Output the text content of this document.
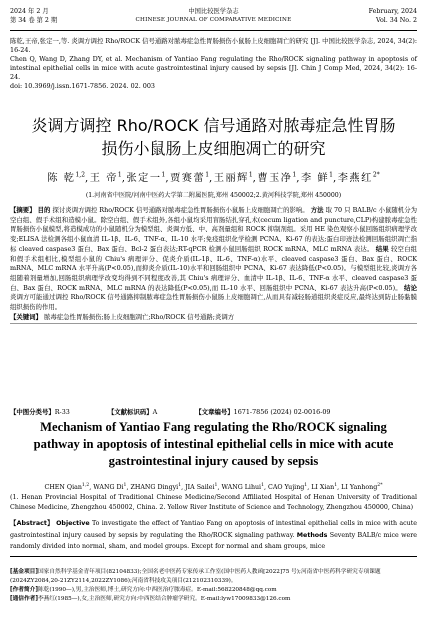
2024 年 2 月
第 34 卷 第 2 期
中国比较医学杂志
CHINESE JOURNAL OF COMPARATIVE MEDICINE
February, 2024
Vol. 34 No. 2

陈乾,王帝,张定一,等. 炎调方调控 Rho/ROCK 信号通路对脓毒症急性胃肠损伤小鼠肠上皮细胞凋亡的研究 [J]. 中国比较医学杂志, 2024, 34(2): 16-24.

Chen Q, Wang D, Zhang DY, et al. Mechanism of Yantiao Fang regulating the Rho/ROCK signaling pathway in apoptosis of intestinal epithelial cells in mice with acute gastrointestinal injury caused by sepsis [J]. Chin J Comp Med, 2024, 34(2): 16-24.

doi: 10.3969/j.issn.1671-7856. 2024. 02. 003

炎调方调控 Rho/ROCK 信号通路对脓毒症急性胃肠
损伤小鼠肠上皮细胞凋亡的研究
陈 乾$^{1,2}$,王 帝$^1$,张定一$^1$,贾赛蕾$^1$,王丽辉$^1$,曹玉净$^1$,李 鲜$^1$,李燕红$^{2*}$
(1.河南省中医院/河南中医药大学第二附属医院,郑州 450002;2.黄河科技学院,郑州 450000)

【摘要】 目的 探讨炎调方调控 Rho/ROCK 信号通路对脓毒症急性胃肠损伤小鼠肠上皮细胞凋亡的影响。 方法 取 70 只 BALB/c 小鼠随机分为空白组、假手术组和造模小鼠。除空白组、假手术组外,各组小鼠均采用盲肠结扎穿孔术(cecum ligation and puncture,CLP)构建脓毒症急性胃肠损伤小鼠模型,将造模成功的小鼠随机分为模型组、炎调方低、中、高剂量组和 ROCK 抑制剂组。采用 HE 染色观察小鼠回肠组织病理学改变;ELISA 法检测各组小鼠血清 IL-1β、IL-6、TNF-α、IL-10 水平;免疫组织化学检测 PCNA、Ki-67 的表达;蛋白印迹法检测回肠组织凋亡指标 cleaved caspase3 蛋白、Bax 蛋白、Bcl-2 蛋白表达;RT-qPCR 检测小鼠回肠组织 ROCK mRNA、MLC mRNA 表达。 结果 较空白组和假手术组相比,模型组小鼠的 Chiu's 病理评分、促炎介质(IL-1β、IL-6、TNF-α)水平、cleaved caspase3 蛋白、Bax 蛋白、ROCK mRNA、MLC mRNA 水平升高(P<0.05),而抑炎介质(IL-10)水平和回肠组织中 PCNA、Ki-67 表达降低(P<0.05)。与模型组比较,炎调方各组随着剂量增加,回肠组织病理学改变均得到不同程度改善,其 Chiu's 病理评分、血清中 IL-1β、IL-6、TNF-α 水平、cleaved caspase3 蛋白、Bax 蛋白、ROCK mRNA、MLC mRNA 的表达降低(P<0.05),而 IL-10 水平、回肠组织中 PCNA、Ki-67 表达升高(P<0.05)。 结论 炎调方可能通过调控 Rho/ROCK 信号通路抑制脓毒症急性胃肠损伤小鼠肠上皮细胞凋亡,从而具有减轻肠道组织炎症反应,最终达到防止肠黏膜组织损伤的作用。

【关键词】 脓毒症急性胃肠损伤;肠上皮细胞凋亡;Rho/ROCK 信号通路;炎调方

【中图分类号】R-33	【文献标识码】A	【文章编号】1671-7856 (2024) 02-0016-09
Mechanism of Yantiao Fang regulating the Rho/ROCK signaling pathway in apoptosis of intestinal epithelial cells in mice with acute gastrointestinal injury caused by sepsis
CHEN Qian$^{1,2}$, WANG Di$^1$, ZHANG Dingyi$^1$, JIA Sailei$^1$, WANG Lihui$^1$, CAO Yujing$^1$, LI Xian$^1$, LI Yanhong$^{2*}$
(1. Henan Provincial Hospital of Traditional Chinese Medicine/Second Affiliated Hospital of Henan University of Traditional Chinese Medicine, Zhengzhou 450002, China. 2. Yellow River Institute of Science and Technology, Zhengzhou 450000, China)

【Abstract】 Objective To investigate the effect of Yantiao Fang on apoptosis of intestinal epithelial cells in mice with acute gastrointestinal injury caused by sepsis by regulating the Rho/ROCK signaling pathway. Methods Seventy BALB/c mice were randomly divided into normal, sham, and model groups. Except for normal and sham groups, mice

[基金项目]国家自然科学基金青年项目(82104833);全国名老中医药专家传承工作室(国中医药人教函[2022]75 号);河南省中医药科学研究专项课题(2024ZY2084,20-21ZY2114,2022ZY1086);河南省科技攻关项目(212102310339)。

[作者简介]陈乾(1990—),男,主治医师,博士,研究方向:中西医治疗脓毒症。E-mail:568220848@qq.com

[通信作者]李燕红(1985—),女,主治医师,研究方向:中西医结合肿瘤学研究。E-mail:lyw17009833@126.com
